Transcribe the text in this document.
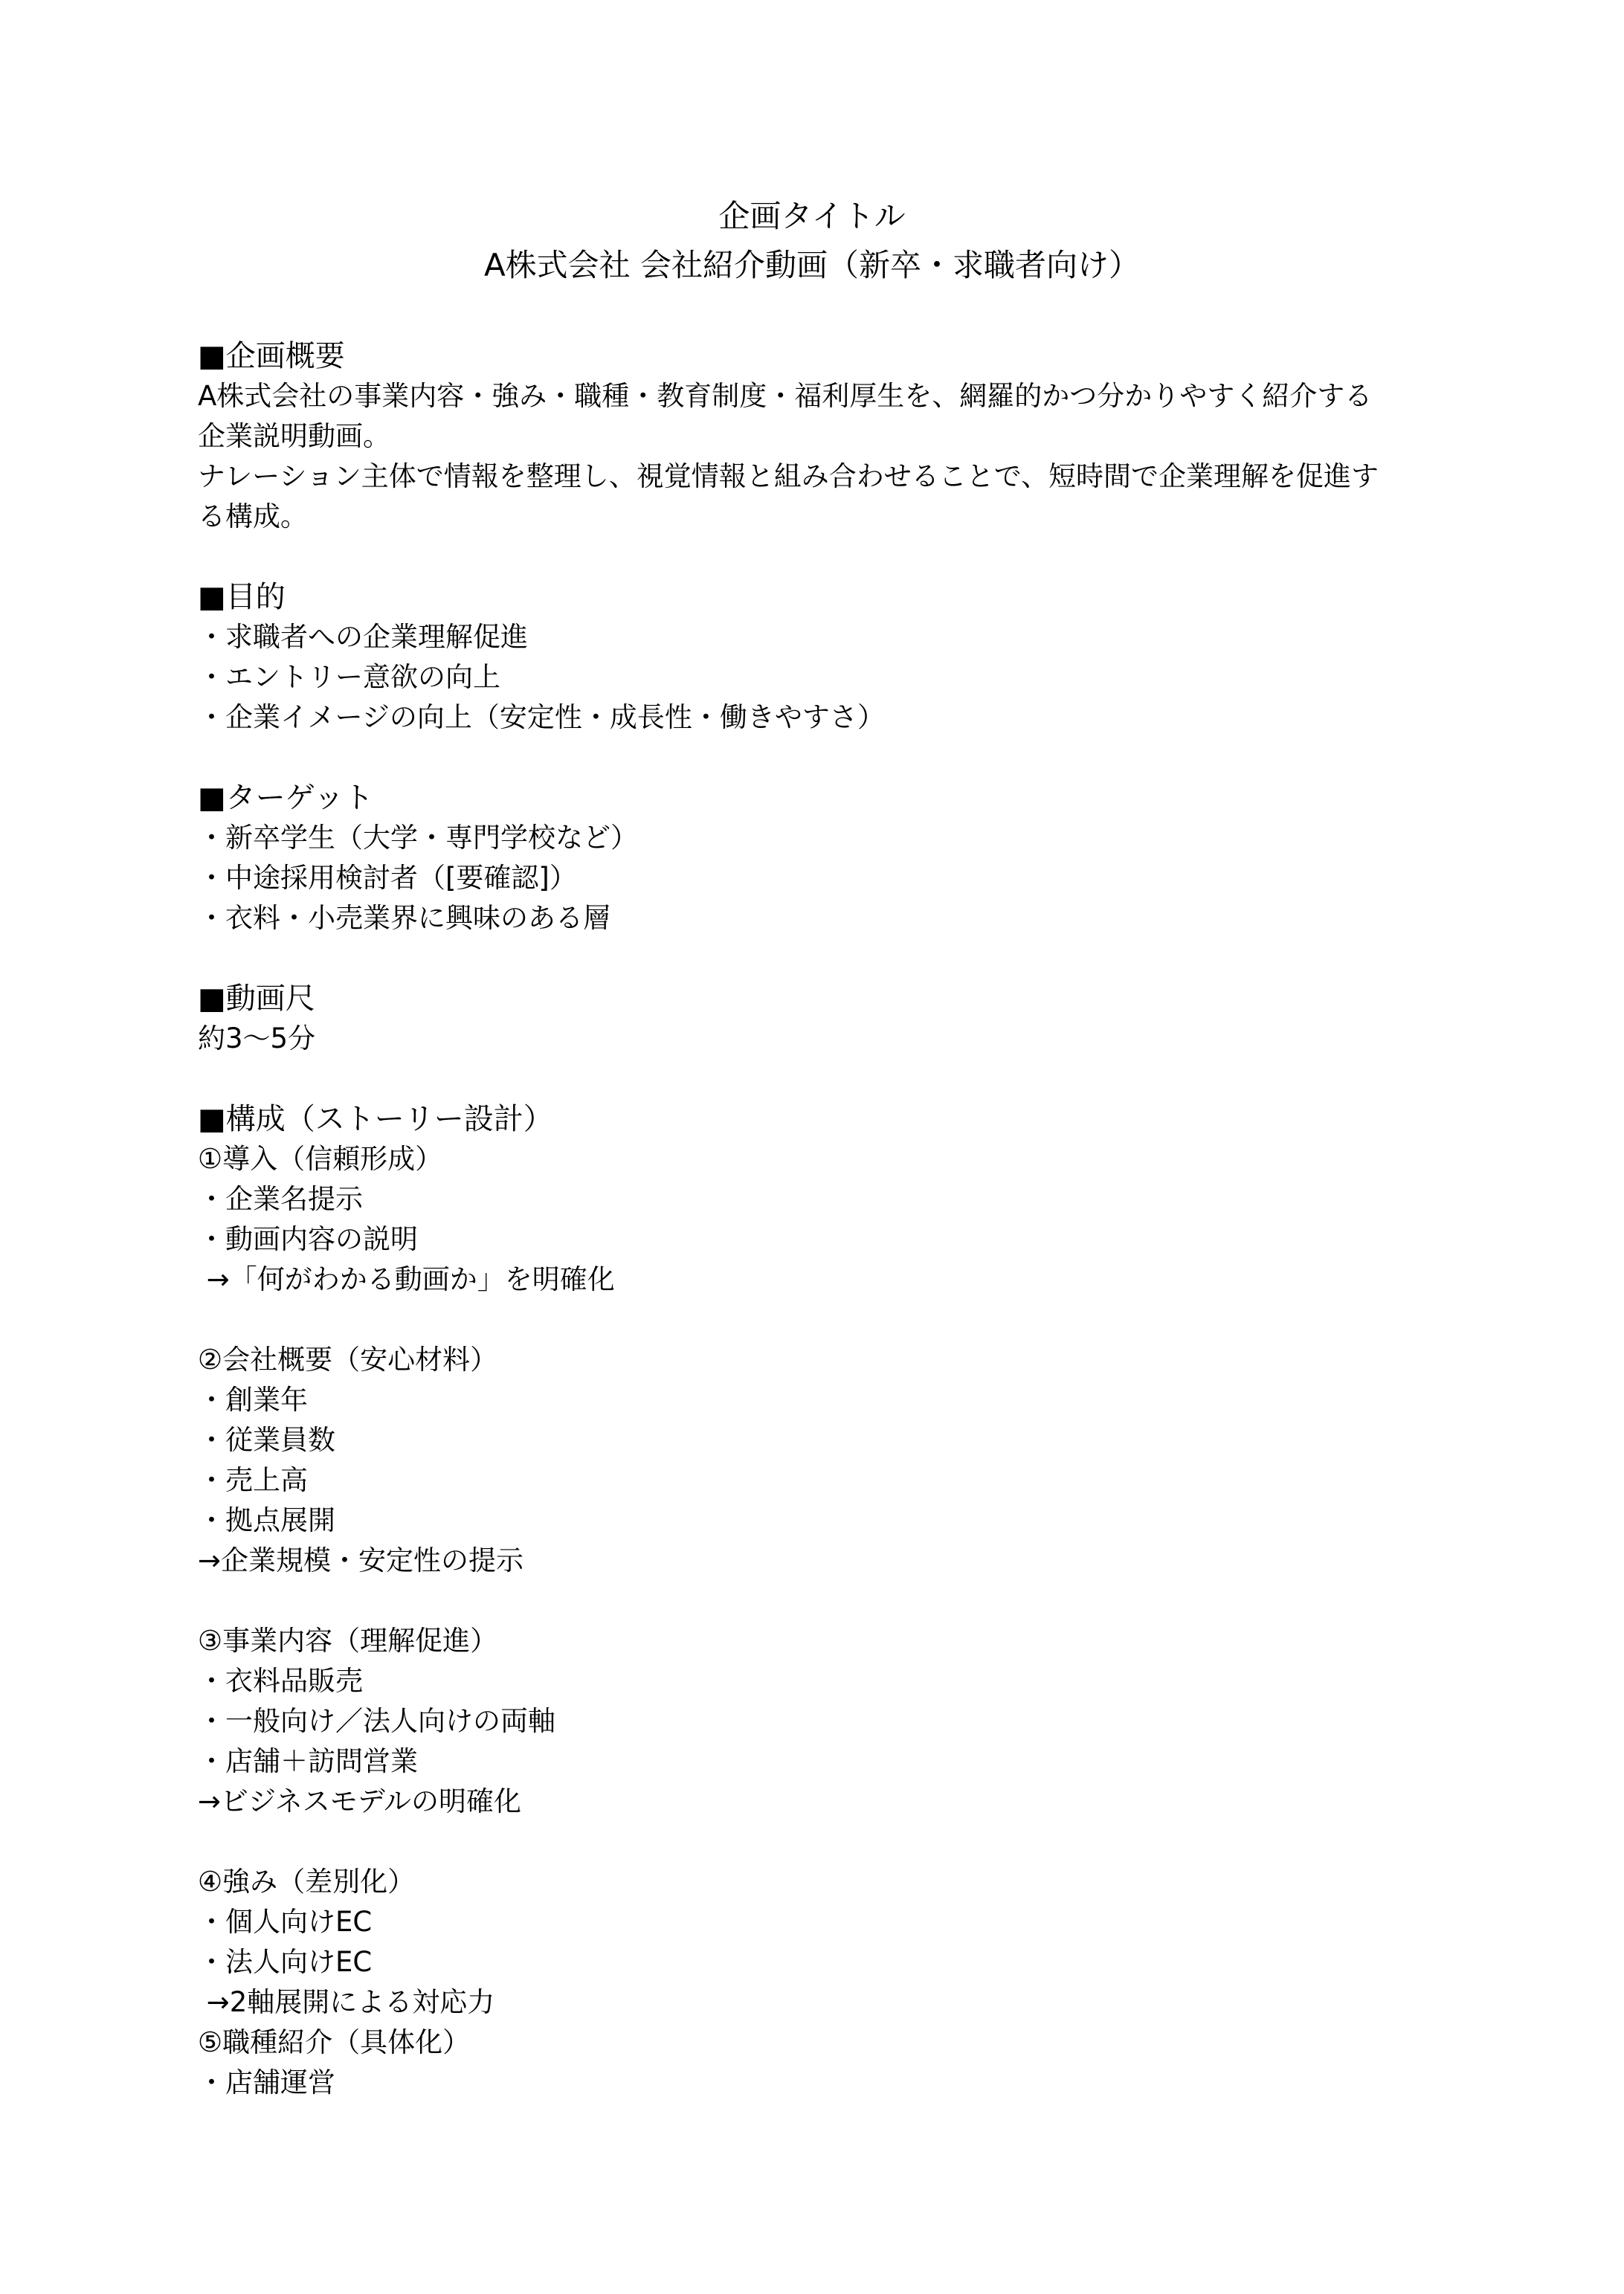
企画タイトル
A株式会社 会社紹介動画（新卒・求職者向け）
■企画概要
A株式会社の事業内容・強み・職種・教育制度・福利厚生を、網羅的かつ分かりやすく紹介する
企業説明動画。
ナレーション主体で情報を整理し、視覚情報と組み合わせることで、短時間で企業理解を促進す
る構成。
■目的
・求職者への企業理解促進
・エントリー意欲の向上
・企業イメージの向上（安定性・成長性・働きやすさ）
■ターゲット
・新卒学生（大学・専門学校など）
・中途採用検討者（[要確認]）
・衣料・小売業界に興味のある層
■動画尺
約3～5分
■構成（ストーリー設計）
①導入（信頼形成）
・企業名提示
・動画内容の説明
→「何がわかる動画か」を明確化
②会社概要（安心材料）
・創業年
・従業員数
・売上高
・拠点展開
→企業規模・安定性の提示
③事業内容（理解促進）
・衣料品販売
・一般向け／法人向けの両軸
・店舗＋訪問営業
→ビジネスモデルの明確化
④強み（差別化）
・個人向けEC
・法人向けEC
→2軸展開による対応力
⑤職種紹介（具体化）
・店舗運営
